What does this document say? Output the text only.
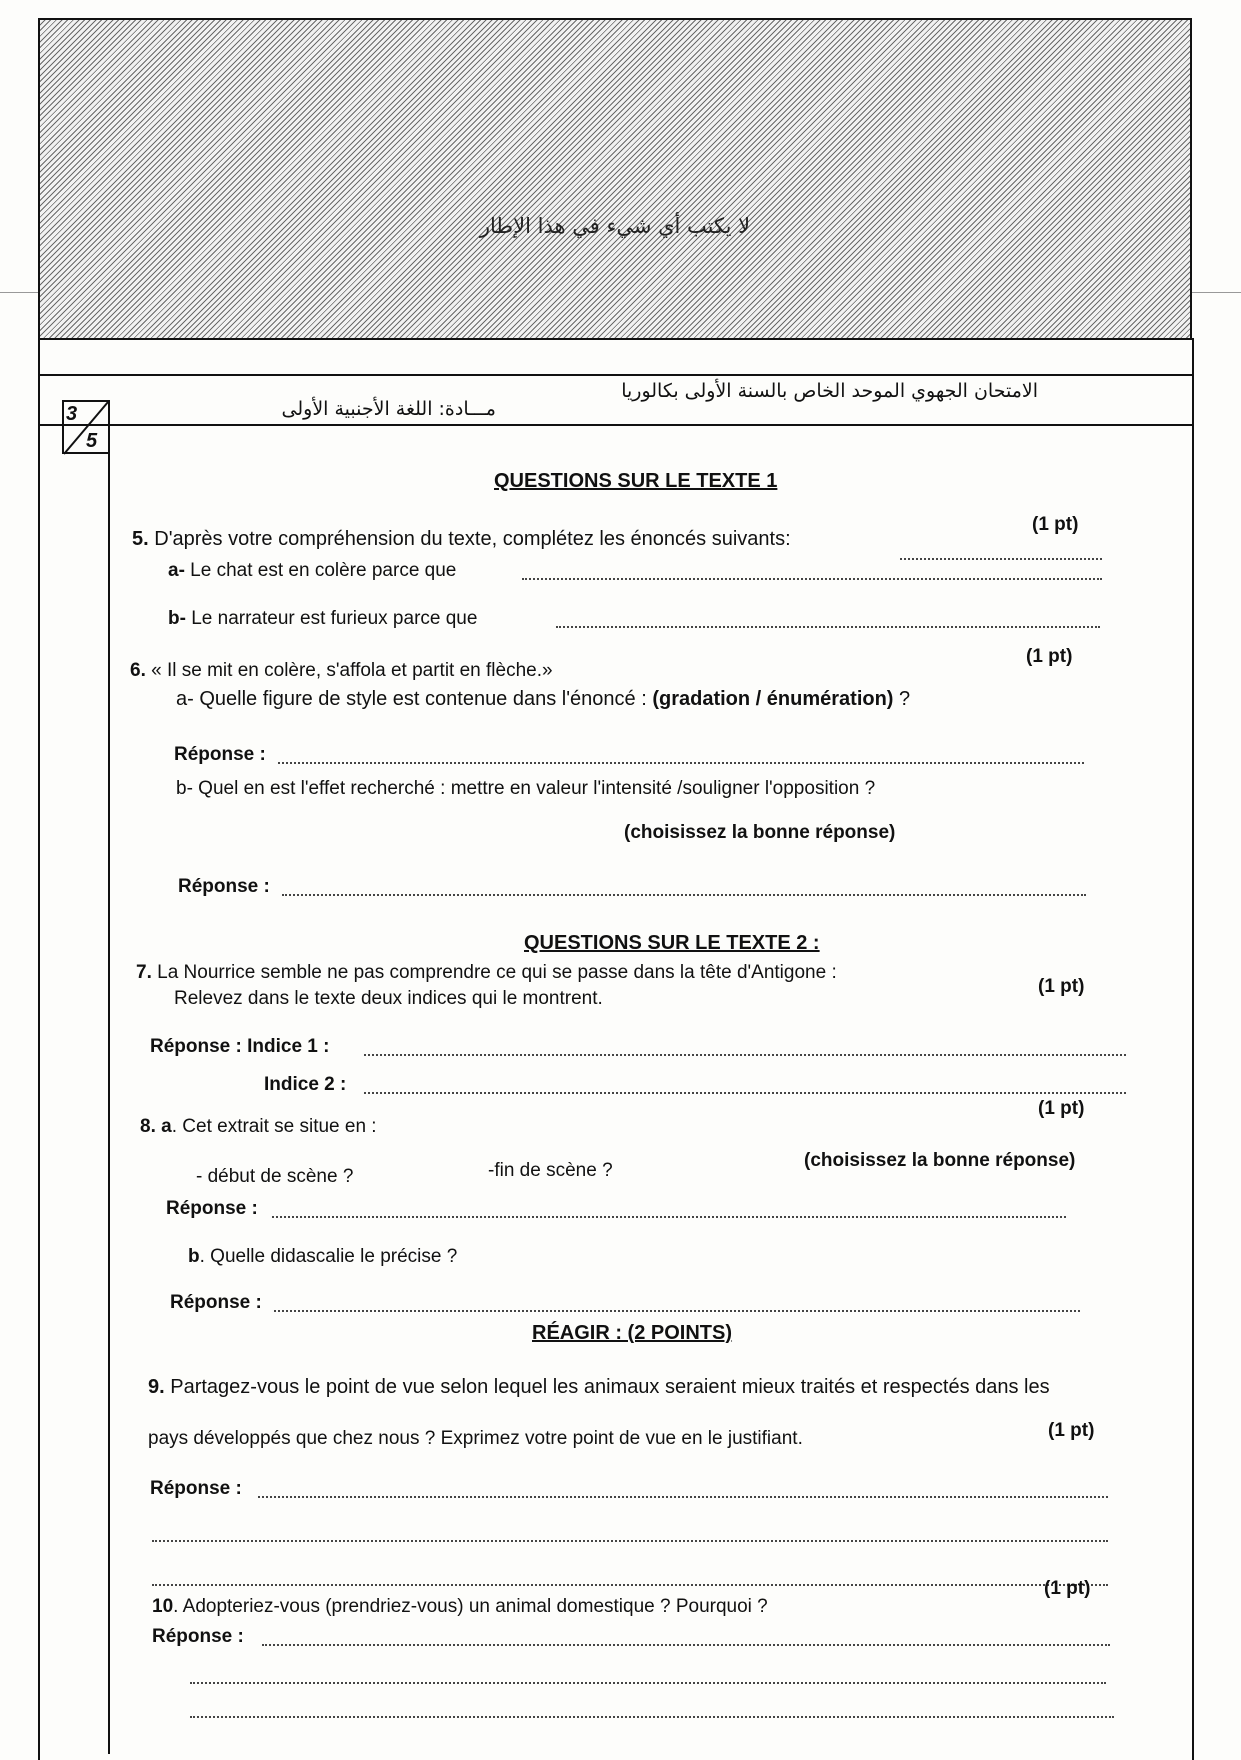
لا يكتب أي شيء في هذا الإطار
3
5
الامتحان الجهوي الموحد الخاص بالسنة الأولى بكالوريا
مـــادة: اللغة الأجنبية الأولى
QUESTIONS SUR LE TEXTE 1
5. D'après votre compréhension du texte, complétez les énoncés suivants:
(1 pt)
a- Le chat est en colère parce que
b- Le narrateur est furieux parce que
6. « Il se mit en colère, s'affola et partit en flèche.»
(1 pt)
a- Quelle figure de style est contenue dans l'énoncé : (gradation / énumération) ?
Réponse :
b- Quel en est l'effet recherché : mettre en valeur l'intensité /souligner l'opposition ?
(choisissez la bonne réponse)
Réponse :
QUESTIONS SUR LE TEXTE 2 :
7. La Nourrice semble ne pas comprendre ce qui se passe dans la tête d'Antigone :
Relevez dans le texte deux indices qui le montrent.
(1 pt)
Réponse : Indice 1 :
Indice 2 :
8. a. Cet extrait se situe en :
(1 pt)
- début de scène ?	-fin de scène ?	(choisissez la bonne réponse)
Réponse :
b. Quelle didascalie le précise ?
Réponse :
RÉAGIR : (2 POINTS)
9. Partagez-vous le point de vue selon lequel les animaux seraient mieux traités et respectés dans les
pays développés que chez nous ? Exprimez votre point de vue en le justifiant.	(1 pt)
Réponse :
10. Adopteriez-vous (prendriez-vous) un animal domestique ? Pourquoi ?
(1 pt)
Réponse :
